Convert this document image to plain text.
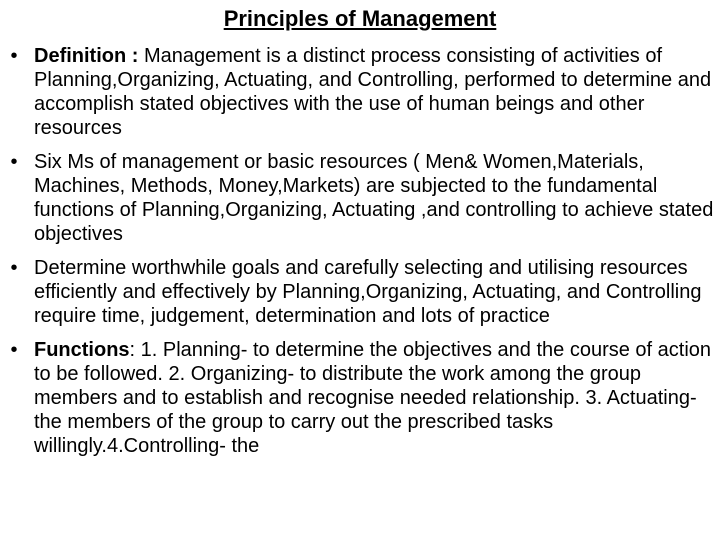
Principles of Management
• Definition : Management is a distinct process consisting of activities of Planning,Organizing, Actuating, and Controlling, performed to determine and accomplish stated objectives with the use of human beings and other resources
• Six Ms of management or basic resources ( Men& Women,Materials, Machines, Methods, Money,Markets) are subjected to the fundamental functions of Planning,Organizing, Actuating ,and controlling to achieve stated objectives
• Determine worthwhile goals and carefully selecting and utilising resources efficiently and effectively by Planning,Organizing, Actuating, and Controlling require time, judgement, determination and lots of practice
• Functions: 1. Planning- to determine the objectives and the course of action to be followed. 2. Organizing- to distribute the work among the group members and to establish and recognise needed relationship. 3. Actuating- the members of the group to carry out the prescribed tasks willingly.4.Controlling- the
